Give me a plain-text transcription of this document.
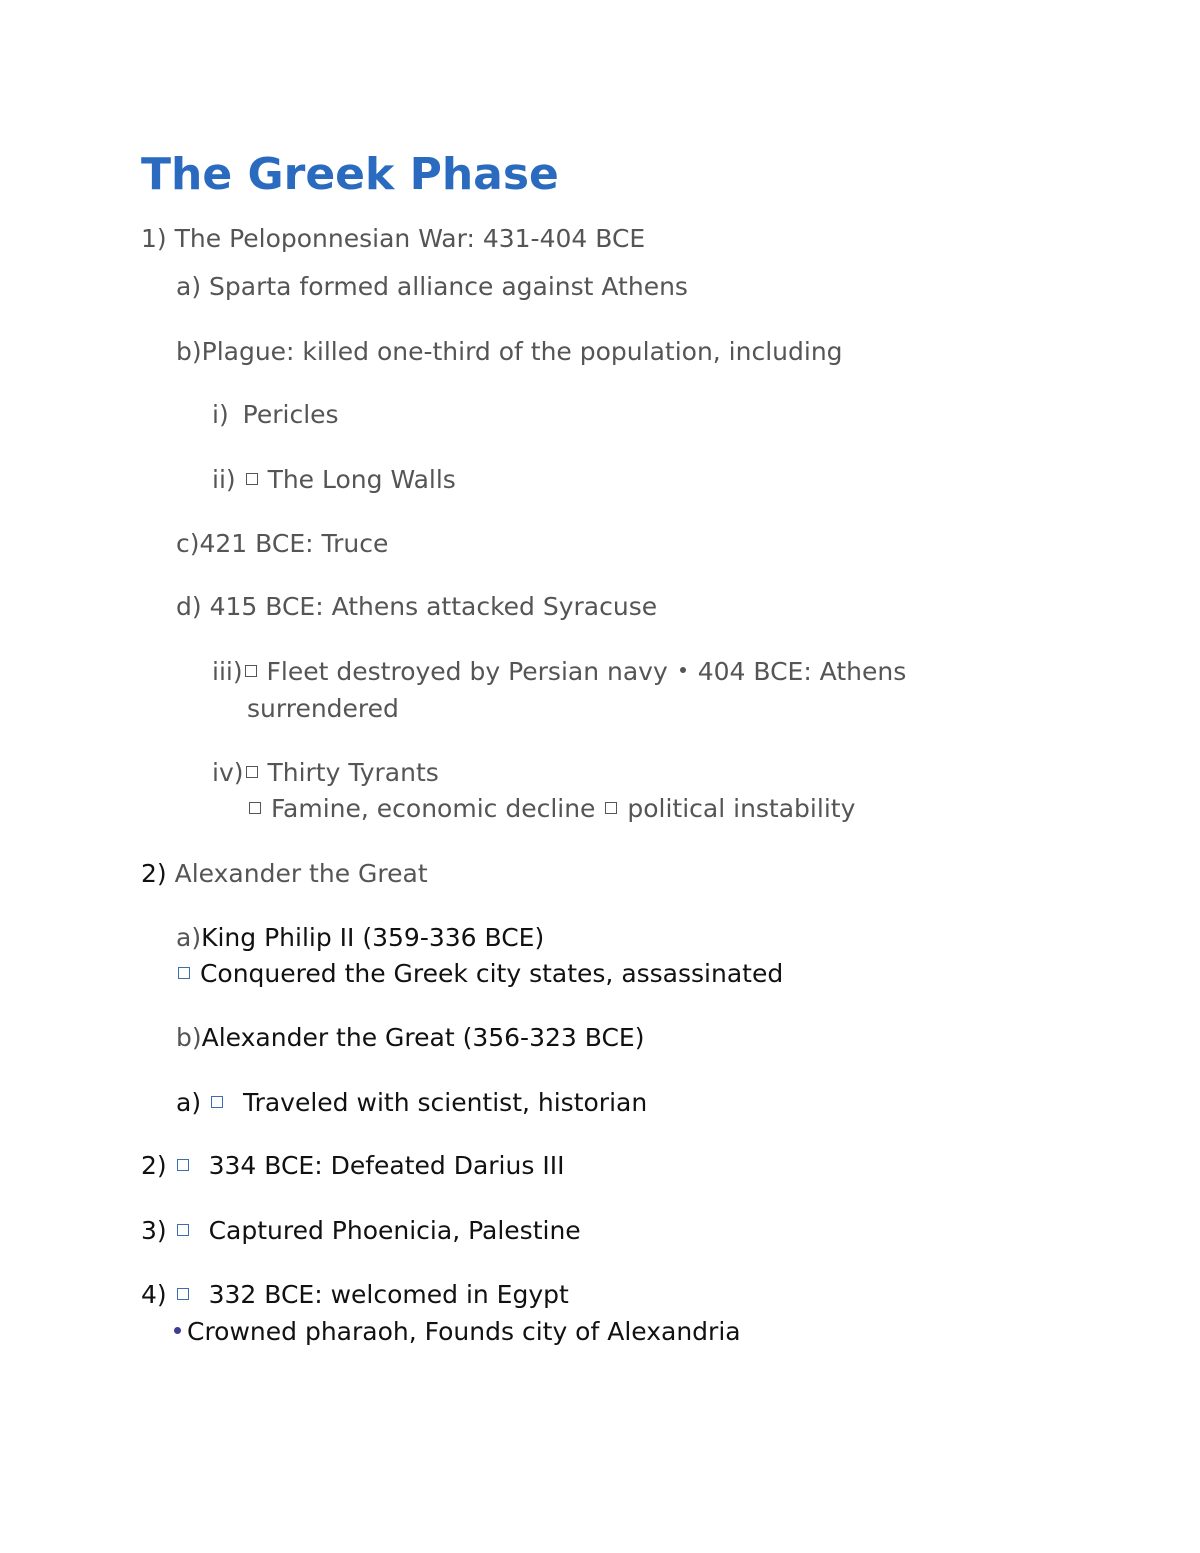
The Greek Phase
1) The Peloponnesian War: 431-404 BCE
a) Sparta formed alliance against Athens
b)Plague: killed one-third of the population, including
i) Pericles
ii) The Long Walls
c)421 BCE: Truce
d) 415 BCE: Athens attacked Syracuse
iii) Fleet destroyed by Persian navy 404 BCE: Athens
surrendered
iv) Thirty Tyrants
Famine, economic decline political instability
2) Alexander the Great
a)King Philip II (359-336 BCE)
Conquered the Greek city states, assassinated
b)Alexander the Great (356-323 BCE)
a) Traveled with scientist, historian
2) 334 BCE: Defeated Darius III
3) Captured Phoenicia, Palestine
4) 332 BCE: welcomed in Egypt
Crowned pharaoh, Founds city of Alexandria
